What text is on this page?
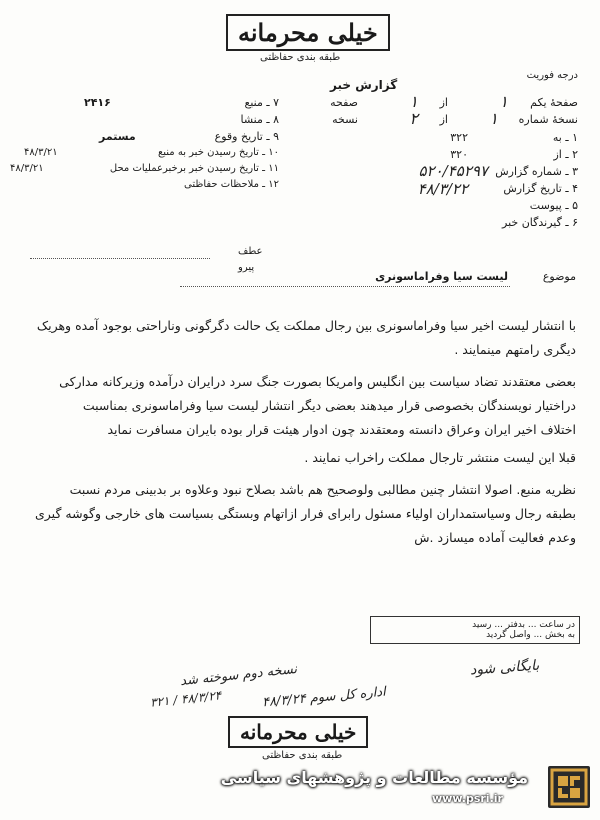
خیلی محرمانه
طبقه بندی حفاظتی
گزارش خبر
درجه فوریت
صفحهٔ یکم
۱
از
۱
صفحه
نسخهٔ شماره
۱
از
۲
نسخه
۱ ـ به
۳۲۲
۲ ـ از
۳۲۰
۳ ـ شماره گزارش
۵۲۰/۴۵۲۹۷
۴ ـ تاریخ گزارش
۴۸/۳/۲۲
۵ ـ پیوست
۶ ـ گیرندگان خبر
۷ ـ منبع
۲۴۱۶
۸ ـ منشا
۹ ـ تاریخ وقوع
مستمر
۱۰ ـ تاریخ رسیدن خبر به منبع
۴۸/۳/۲۱
۱۱ ـ تاریخ رسیدن خبر برخبرعملیات محل
۴۸/۳/۲۱
۱۲ ـ ملاحظات حفاظتی
عطف
پیرو
موضوع
لیست سیا وفراماسونری
با انتشار لیست اخیر سیا وفراماسونری بین رجال مملکت یک حالت دگرگونی وناراحتی بوجود آمده وهریک
دیگری رامتهم مینمایند .
بعضی معتقدند تضاد سیاست بین انگلیس وامریکا بصورت جنگ سرد درایران درآمده وزیرکانه مدارکی
دراختیار نویسندگان بخصوصی قرار میدهند بعضی دیگر انتشار لیست سیا وفراماسونری بمناسبت
اختلاف اخیر ایران وعراق دانسته ومعتقدند چون ادوار هیئت قرار بوده بایران مسافرت نماید
قبلا این لیست منتشر تارجال مملکت راخراب نمایند .
نظریه منبع. اصولا انتشار چنین مطالبی ولوصحیح هم باشد بصلاح نبود وعلاوه بر بدبینی مردم نسبت
بطبقه رجال وسیاستمداران اولیاء مسئول رابرای فرار ازاتهام وبستگی بسیاست های خارجی وگوشه گیری
وعدم فعالیت آماده میسازد .ش
در ساعت ... بدفتر ... رسید
به بخش ... واصل گردید
نسخه دوم سوخته شد
۳۲۱ / ۴۸/۳/۲۴	اداره کل سوم ۴۸/۳/۲۴
بایگانی شود
خیلی محرمانه
طبقه بندی حفاظتی
مؤسسه مطالعات و پژوهشهای سیاسی
www.psri.ir
